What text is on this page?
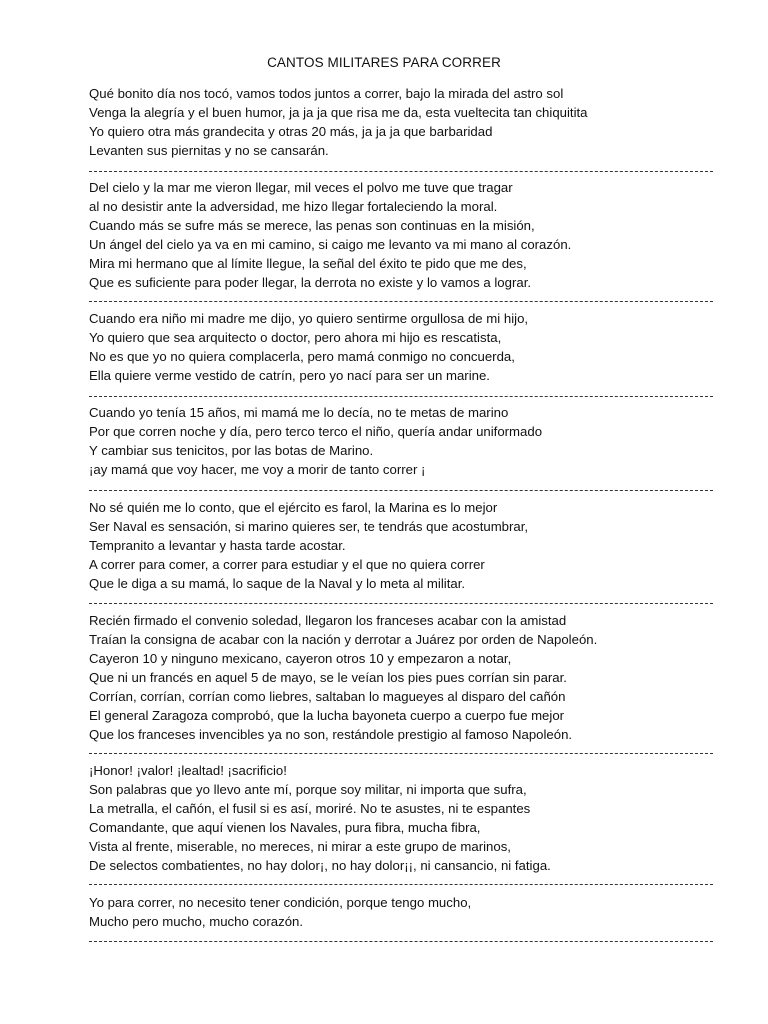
CANTOS MILITARES PARA CORRER
Qué bonito día nos tocó, vamos todos juntos a correr, bajo la mirada del astro sol
Venga la alegría y el buen humor, ja ja ja que risa me da, esta vueltecita tan chiquitita
Yo quiero otra más grandecita y otras 20 más, ja ja ja que barbaridad
Levanten sus piernitas y no se cansarán.
Del cielo y la mar me vieron llegar, mil veces el polvo me tuve que tragar
al no desistir ante la adversidad, me hizo llegar fortaleciendo la moral.
Cuando más se sufre más se merece, las penas son continuas en la misión,
Un ángel del cielo ya va en mi camino, si caigo me levanto va mi mano al corazón.
Mira mi hermano que al límite llegue, la señal del éxito te pido que me des,
Que es suficiente para poder llegar, la derrota no existe y lo vamos a lograr.
Cuando era niño mi madre me dijo, yo quiero sentirme orgullosa de mi hijo,
Yo quiero que sea arquitecto o doctor, pero ahora mi hijo es rescatista,
No es que yo no quiera complacerla, pero mamá conmigo no concuerda,
Ella quiere verme vestido de catrín, pero yo nací para ser un marine.
Cuando yo tenía 15 años, mi mamá me lo decía, no te metas de marino
Por que corren noche y día, pero terco terco el niño, quería andar uniformado
Y cambiar sus tenicitos, por las botas de Marino.
¡ay mamá que voy hacer, me voy a morir de tanto correr ¡
No sé quién me lo conto, que el ejército es farol, la Marina es lo mejor
Ser Naval es sensación, si marino quieres ser, te tendrás que acostumbrar,
Tempranito a levantar y hasta tarde acostar.
A correr para comer, a correr para estudiar y el que no quiera correr
Que le diga a su mamá, lo saque de la Naval y lo meta al militar.
Recién firmado el convenio soledad, llegaron los franceses acabar con la amistad
Traían la consigna de acabar con la nación y derrotar a Juárez por orden de Napoleón.
Cayeron 10 y ninguno mexicano, cayeron otros 10 y empezaron a notar,
Que ni un francés en aquel 5 de mayo, se le veían los pies pues corrían sin parar.
Corrían, corrían, corrían como liebres, saltaban lo magueyes al disparo del cañón
El general Zaragoza comprobó, que la lucha bayoneta cuerpo a cuerpo fue mejor
Que los franceses invencibles ya no son, restándole prestigio al famoso Napoleón.
¡Honor! ¡valor! ¡lealtad! ¡sacrificio!
Son palabras que yo llevo ante mí, porque soy militar, ni importa que sufra,
La metralla, el cañón, el fusil si es así, moriré. No te asustes, ni te espantes
Comandante, que aquí vienen los Navales, pura fibra, mucha fibra,
Vista al frente, miserable, no mereces, ni mirar a este grupo de marinos,
De selectos combatientes, no hay dolor¡, no hay dolor¡¡, ni cansancio, ni fatiga.
Yo para correr, no necesito tener condición, porque tengo mucho,
Mucho pero mucho, mucho corazón.
